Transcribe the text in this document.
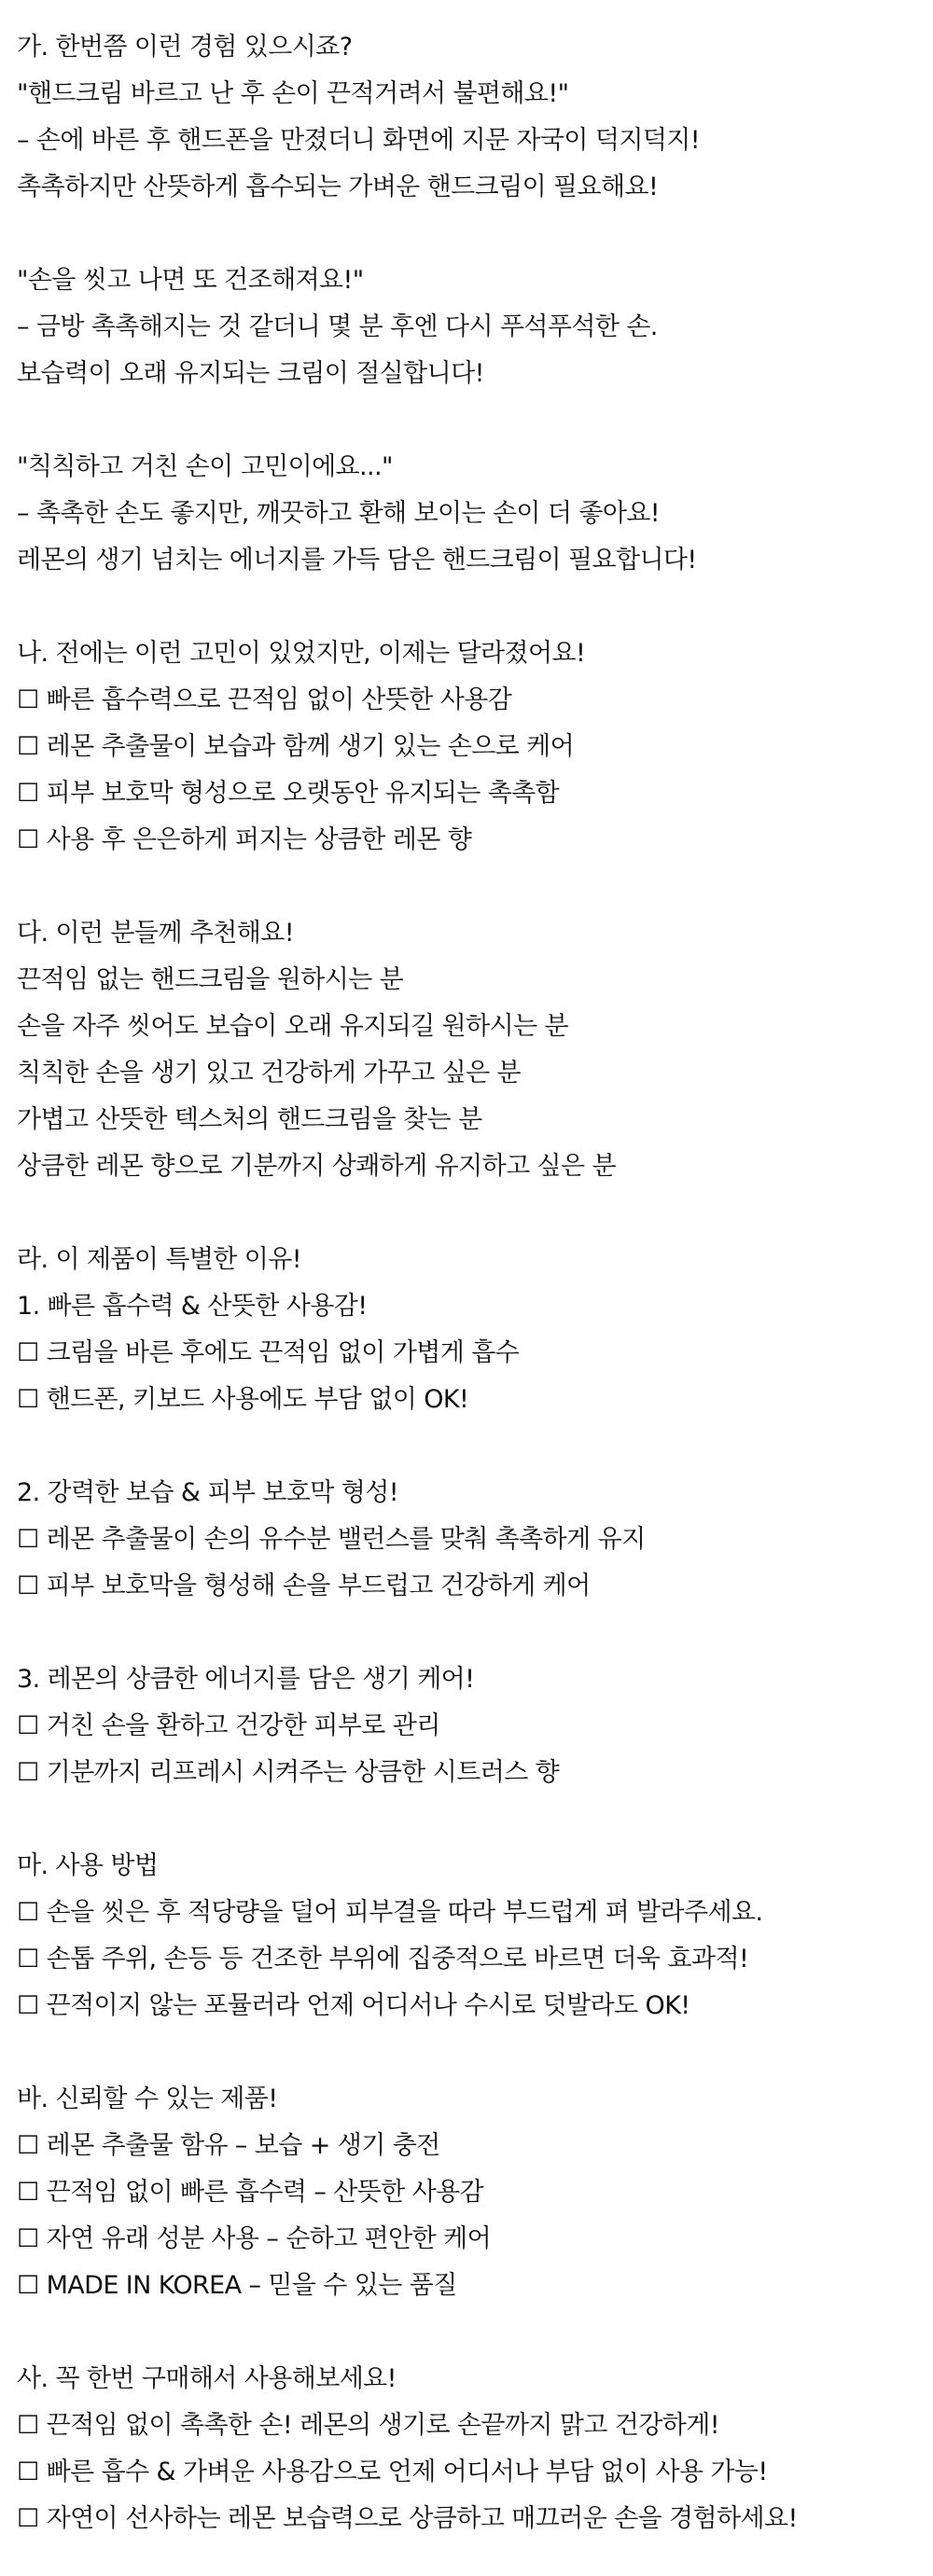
가. 한번쯤 이런 경험 있으시죠?
"핸드크림 바르고 난 후 손이 끈적거려서 불편해요!"
– 손에 바른 후 핸드폰을 만졌더니 화면에 지문 자국이 덕지덕지!
촉촉하지만 산뜻하게 흡수되는 가벼운 핸드크림이 필요해요!
"손을 씻고 나면 또 건조해져요!"
– 금방 촉촉해지는 것 같더니 몇 분 후엔 다시 푸석푸석한 손.
보습력이 오래 유지되는 크림이 절실합니다!
"칙칙하고 거친 손이 고민이에요..."
– 촉촉한 손도 좋지만, 깨끗하고 환해 보이는 손이 더 좋아요!
레몬의 생기 넘치는 에너지를 가득 담은 핸드크림이 필요합니다!
나. 전에는 이런 고민이 있었지만, 이제는 달라졌어요!
☐ 빠른 흡수력으로 끈적임 없이 산뜻한 사용감
☐ 레몬 추출물이 보습과 함께 생기 있는 손으로 케어
☐ 피부 보호막 형성으로 오랫동안 유지되는 촉촉함
☐ 사용 후 은은하게 퍼지는 상큼한 레몬 향
다. 이런 분들께 추천해요!
끈적임 없는 핸드크림을 원하시는 분
손을 자주 씻어도 보습이 오래 유지되길 원하시는 분
칙칙한 손을 생기 있고 건강하게 가꾸고 싶은 분
가볍고 산뜻한 텍스처의 핸드크림을 찾는 분
상큼한 레몬 향으로 기분까지 상쾌하게 유지하고 싶은 분
라. 이 제품이 특별한 이유!
1. 빠른 흡수력 & 산뜻한 사용감!
☐ 크림을 바른 후에도 끈적임 없이 가볍게 흡수
☐ 핸드폰, 키보드 사용에도 부담 없이 OK!
2. 강력한 보습 & 피부 보호막 형성!
☐ 레몬 추출물이 손의 유수분 밸런스를 맞춰 촉촉하게 유지
☐ 피부 보호막을 형성해 손을 부드럽고 건강하게 케어
3. 레몬의 상큼한 에너지를 담은 생기 케어!
☐ 거친 손을 환하고 건강한 피부로 관리
☐ 기분까지 리프레시 시켜주는 상큼한 시트러스 향
마. 사용 방법
☐ 손을 씻은 후 적당량을 덜어 피부결을 따라 부드럽게 펴 발라주세요.
☐ 손톱 주위, 손등 등 건조한 부위에 집중적으로 바르면 더욱 효과적!
☐ 끈적이지 않는 포뮬러라 언제 어디서나 수시로 덧발라도 OK!
바. 신뢰할 수 있는 제품!
☐ 레몬 추출물 함유 – 보습 + 생기 충전
☐ 끈적임 없이 빠른 흡수력 – 산뜻한 사용감
☐ 자연 유래 성분 사용 – 순하고 편안한 케어
☐ MADE IN KOREA – 믿을 수 있는 품질
사. 꼭 한번 구매해서 사용해보세요!
☐ 끈적임 없이 촉촉한 손! 레몬의 생기로 손끝까지 맑고 건강하게!
☐ 빠른 흡수 & 가벼운 사용감으로 언제 어디서나 부담 없이 사용 가능!
☐ 자연이 선사하는 레몬 보습력으로 상큼하고 매끄러운 손을 경험하세요!
